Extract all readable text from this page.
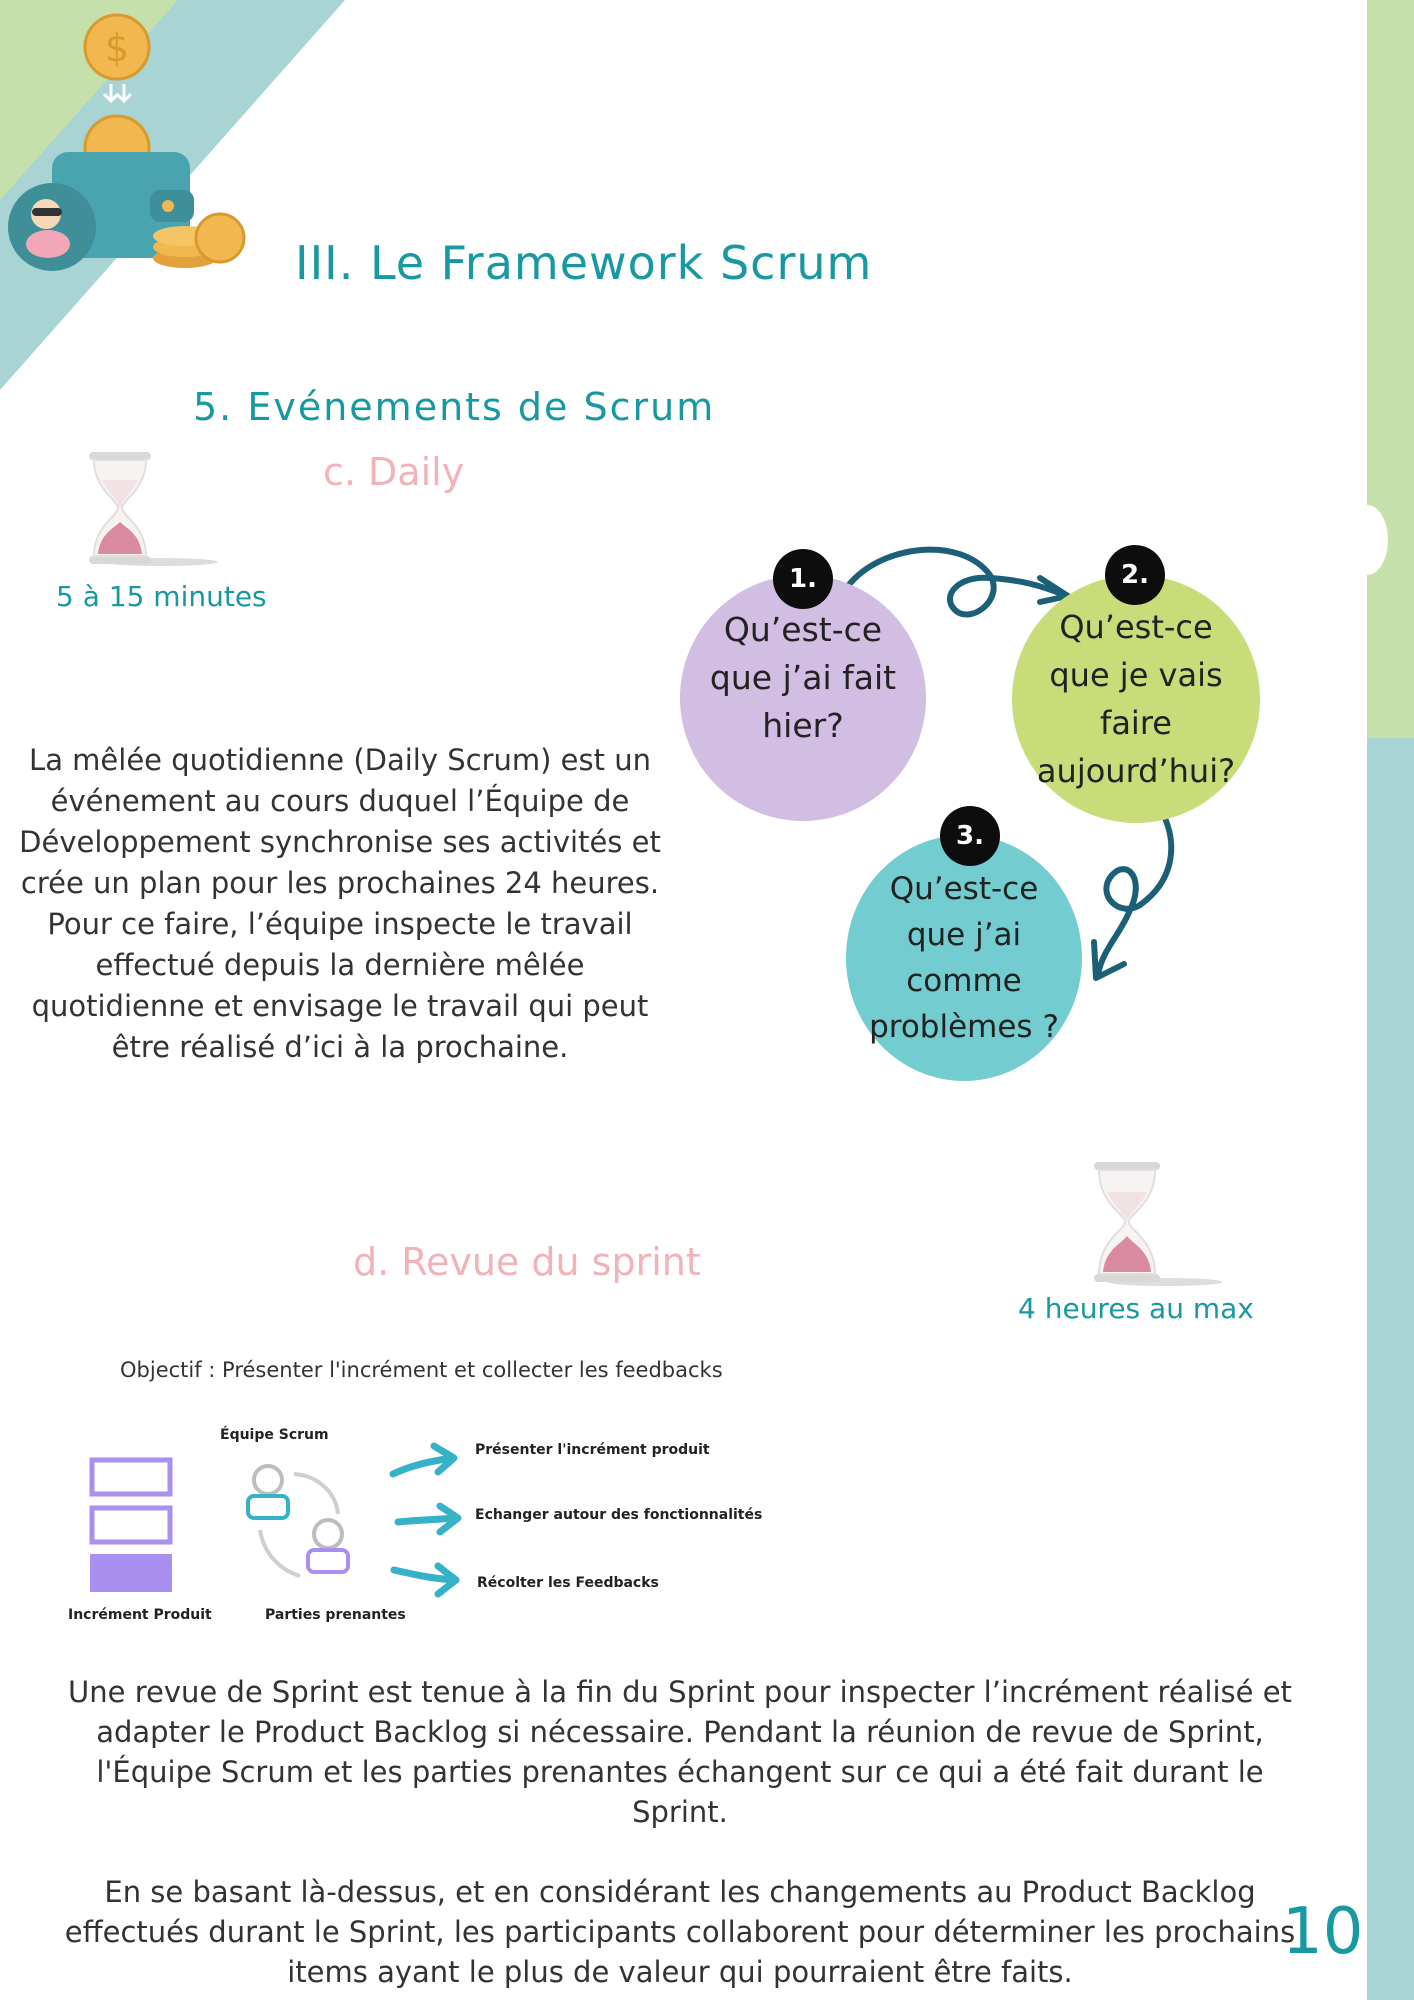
$
III. Le Framework Scrum
5. Evénements de Scrum
c. Daily
5 à 15 minutes
La mêlée quotidienne (Daily Scrum) est un événement au cours duquel l’Équipe de Développement synchronise ses activités et crée un plan pour les prochaines 24 heures. Pour ce faire, l’équipe inspecte le travail effectué depuis la dernière mêlée quotidienne et envisage le travail qui peut être réalisé d’ici à la prochaine.
Qu’est-ce que j’ai fait hier?
Qu’est-ce que je vais faire aujourd’hui?
Qu’est-ce que j’ai comme problèmes ?
1.	2.
3.
d. Revue du sprint
4 heures au max
Objectif : Présenter l'incrément et collecter les feedbacks
Équipe Scrum
Incrément Produit	Parties prenantes
Présenter l'incrément produit
Echanger autour des fonctionnalités
Récolter les Feedbacks

Une revue de Sprint est tenue à la fin du Sprint pour inspecter l’incrément réalisé et adapter le Product Backlog si nécessaire. Pendant la réunion de revue de Sprint, l'Équipe Scrum et les parties prenantes échangent sur ce qui a été fait durant le Sprint.

En se basant là-dessus, et en considérant les changements au Product Backlog effectués durant le Sprint, les participants collaborent pour déterminer les prochains items ayant le plus de valeur qui pourraient être faits.

10
